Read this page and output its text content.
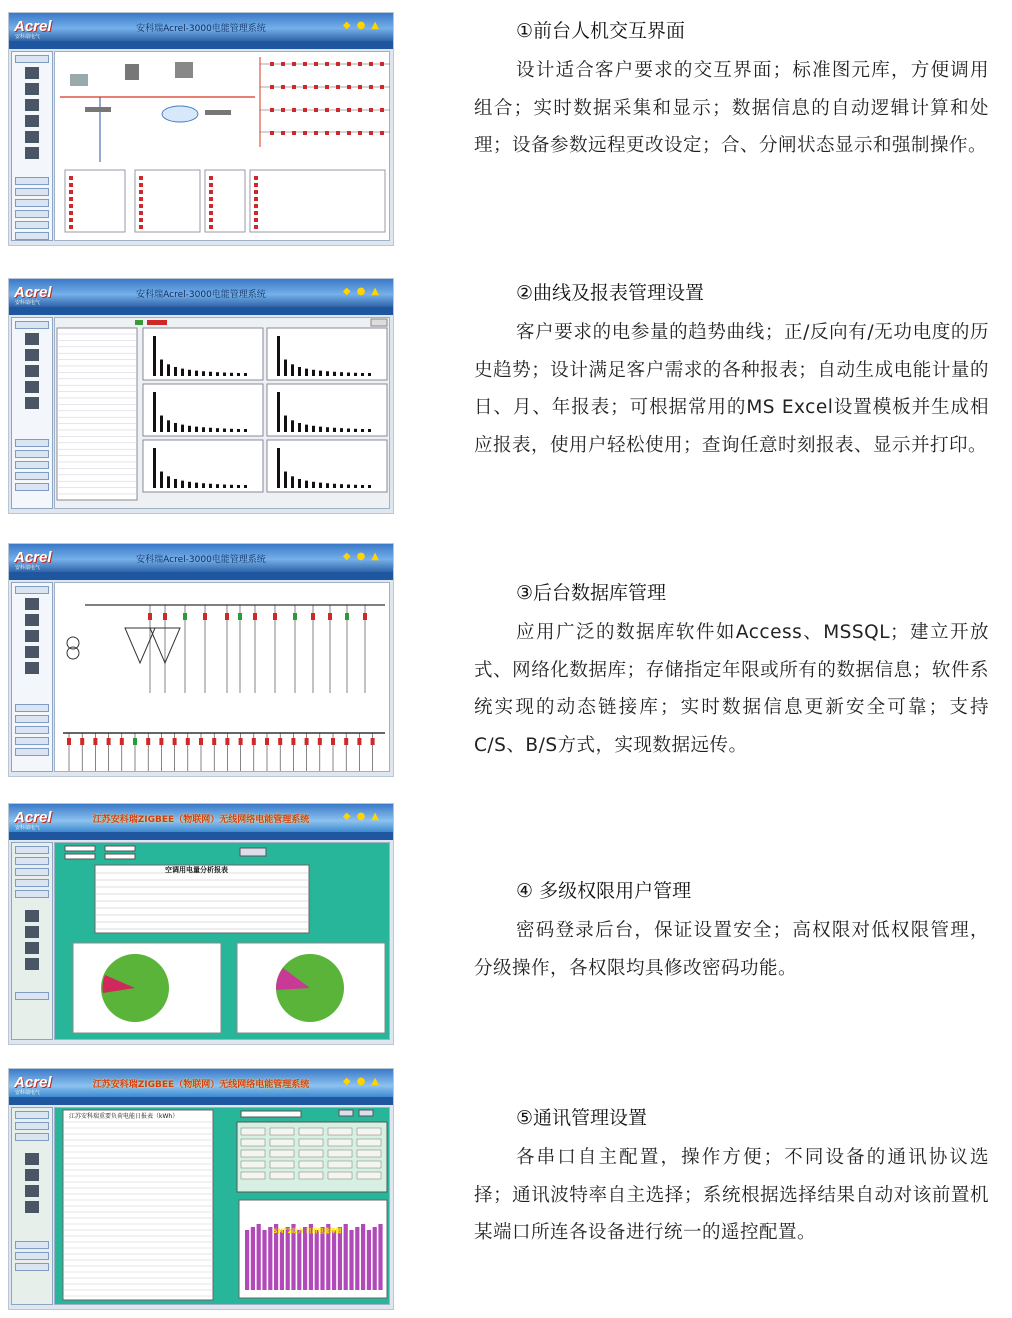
Acrel
安科瑞电气
安科瑞Acrel-3000电能管理系统	◆●▲	①前台人机交互界面

设计适合客户要求的交互界面；标准图元库，方便调用组合；实时数据采集和显示；数据信息的自动逻辑计算和处理；设备参数远程更改设定；合、分闸状态显示和强制操作。

Acrel
安科瑞电气
安科瑞Acrel-3000电能管理系统	◆●▲	②曲线及报表管理设置

客户要求的电参量的趋势曲线；正/反向有/无功电度的历史趋势；设计满足客户需求的各种报表；自动生成电能计量的日、月、年报表；可根据常用的MS Excel设置模板并生成相应报表，使用户轻松使用；查询任意时刻报表、显示并打印。

Acrel
安科瑞电气
安科瑞Acrel-3000电能管理系统	◆●▲

③后台数据库管理

应用广泛的数据库软件如Access、MSSQL；建立开放式、网络化数据库；存储指定年限或所有的数据信息；软件系统实现的动态链接库；实时数据信息更新安全可靠；支持C/S、B/S方式，实现数据远传。

Acrel
安科瑞电气
江苏安科瑞ZIGBEE（物联网）无线网络电能管理系统	◆●▲
空调用电量分析报表

④ 多级权限用户管理

密码登录后台，保证设置安全；高权限对低权限管理，分级操作，各权限均具修改密码功能。

Acrel
安科瑞电气
江苏安科瑞ZIGBEE（物联网）无线网络电能管理系统	◆●▲
江苏安科瑞重要负荷电能日报表（kWh）
SMT2动力 日用电量棒图

⑤通讯管理设置

各串口自主配置，操作方便；不同设备的通讯协议选择；通讯波特率自主选择；系统根据选择结果自动对该前置机某端口所连各设备进行统一的遥控配置。
